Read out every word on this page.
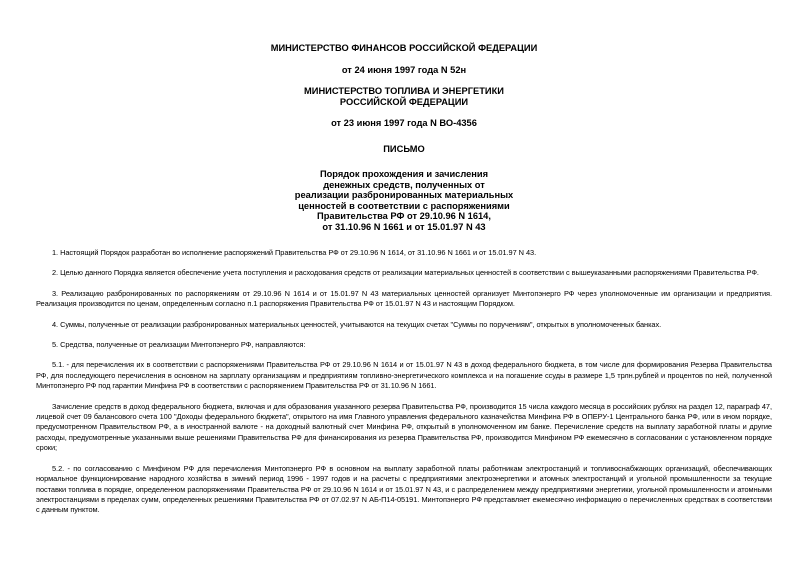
МИНИСТЕРСТВО ФИНАНСОВ РОССИЙСКОЙ ФЕДЕРАЦИИ

от 24 июня 1997 года N 52н

МИНИСТЕРСТВО ТОПЛИВА И ЭНЕРГЕТИКИ

РОССИЙСКОЙ ФЕДЕРАЦИИ

от 23 июня 1997 года N ВО-4356

ПИСЬМО

Порядок прохождения и зачисления

денежных средств, полученных от

реализации разбронированных материальных

ценностей в соответствии с распоряжениями

Правительства РФ от 29.10.96 N 1614,

от 31.10.96 N 1661 и от 15.01.97 N 43

1. Настоящий Порядок разработан во исполнение распоряжений Правительства РФ от 29.10.96 N 1614, от 31.10.96 N 1661 и от 15.01.97 N 43.

2. Целью данного Порядка является обеспечение учета поступления и расходования средств от реализации материальных ценностей в соответствии с вышеуказанными распоряжениями Правительства РФ.

3. Реализацию разбронированных по распоряжениям от 29.10.96 N 1614 и от 15.01.97 N 43 материальных ценностей организует Минтопэнерго РФ через уполномоченные им организации и предприятия. Реализация производится по ценам, определенным согласно п.1 распоряжения Правительства РФ от 15.01.97 N 43 и настоящим Порядком.

4. Суммы, полученные от реализации разбронированных материальных ценностей, учитываются на текущих счетах "Суммы по поручениям", открытых в уполномоченных банках.

5. Средства, полученные от реализации Минтопэнерго РФ, направляются:

5.1. - для перечисления их в соответствии с распоряжениями Правительства РФ от 29.10.96 N 1614 и от 15.01.97 N 43 в доход федерального бюджета, в том числе для формирования Резерва Правительства РФ, для последующего перечисления в основном на зарплату организациям и предприятиям топливно-энергетического комплекса и на погашение ссуды в размере 1,5 трлн.рублей и процентов по ней, полученной Минтопэнерго РФ под гарантии Минфина РФ в соответствии с распоряжением Правительства РФ от 31.10.96 N 1661.

Зачисление средств в доход федерального бюджета, включая и для образования указанного резерва Правительства РФ, производится 15 числа каждого месяца в российских рублях на раздел 12, параграф 47, лицевой счет 09 балансового счета 100 "Доходы федерального бюджета", открытого на имя Главного управления федерального казначейства Минфина РФ в ОПЕРУ-1 Центрального банка РФ, или в ином порядке, предусмотренном Правительством РФ, а в иностранной валюте - на доходный валютный счет Минфина РФ, открытый в уполномоченном им банке. Перечисление средств на выплату заработной платы и другие расходы, предусмотренные указанными выше решениями Правительства РФ для финансирования из резерва Правительства РФ, производится Минфином РФ ежемесячно в согласовании с установленном порядке сроки;

5.2. - по согласованию с Минфином РФ для перечисления Минтопэнерго РФ в основном на выплату заработной платы работникам электростанций и топливоснабжающих организаций, обеспечивающих нормальное функционирование народного хозяйства в зимний период 1996 - 1997 годов и на расчеты с предприятиями электроэнергетики и атомных электростанций и угольной промышленности за текущие поставки топлива в порядке, определенном распоряжениями Правительства РФ от 29.10.96 N 1614 и от 15.01.97 N 43, и с распределением между предприятиями энергетики, угольной промышленности и атомными электростанциями в пределах сумм, определенных решениями Правительства РФ от 07.02.97 N АБ-П14-05191. Минтопэнерго РФ представляет ежемесячно информацию о перечисленных средствах в соответствии с данным пунктом.
